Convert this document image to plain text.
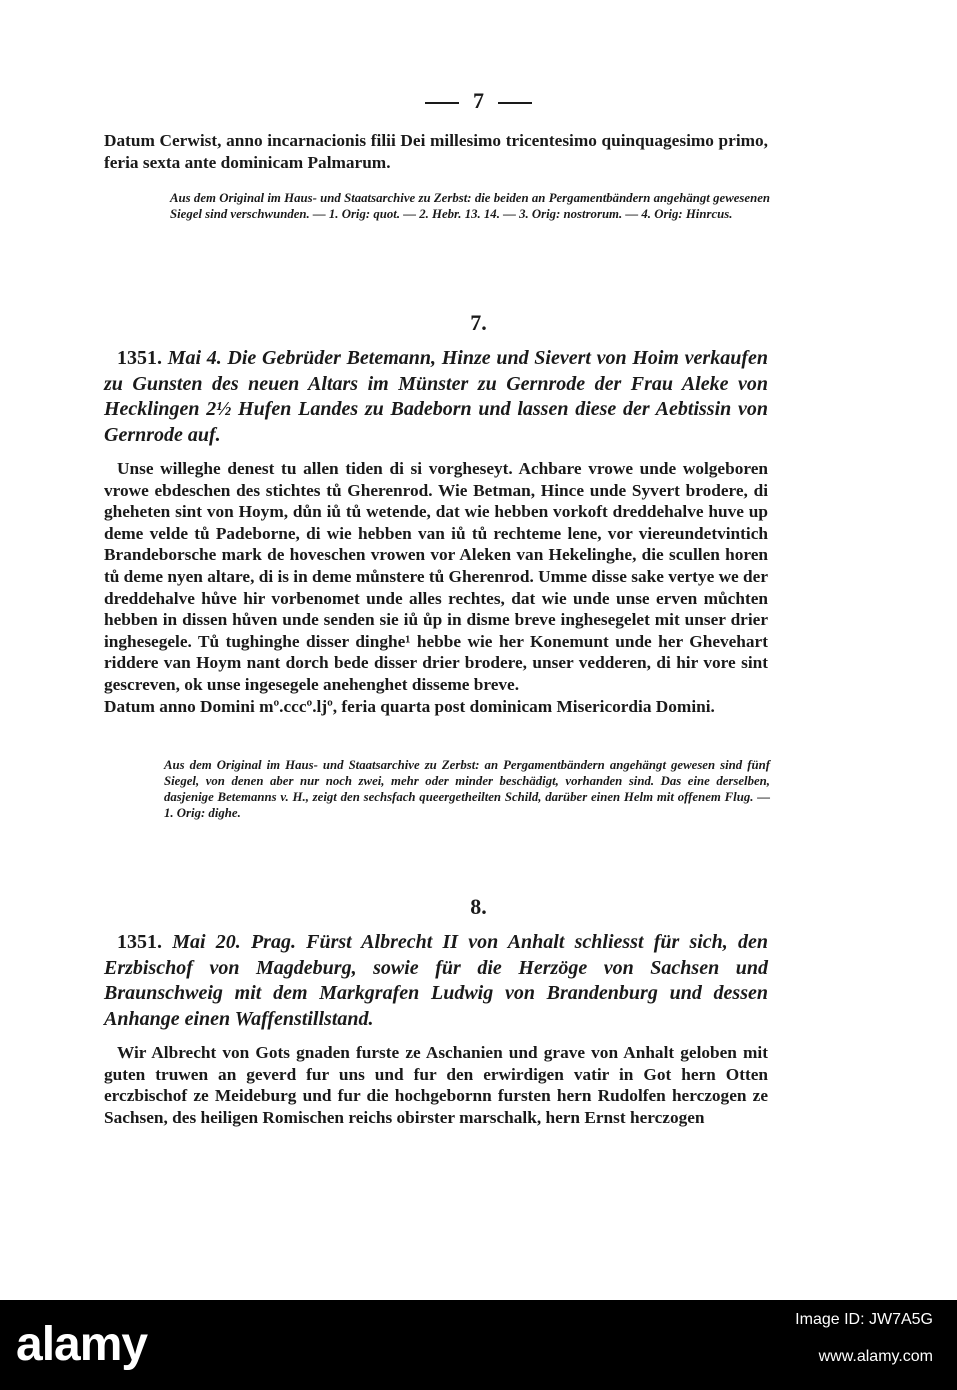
7

Datum Cerwist, anno incarnacionis filii Dei millesimo tricentesimo quinquagesimo primo, feria sexta ante dominicam Palmarum.

Aus dem Original im Haus- und Staatsarchive zu Zerbst: die beiden an Pergamentbändern angehängt gewesenen Siegel sind verschwunden. — 1. Orig: quot. — 2. Hebr. 13. 14. — 3. Orig: nostrorum. — 4. Orig: Hinrcus.

7.

1351. Mai 4. Die Gebrüder Betemann, Hinze und Sievert von Hoim verkaufen zu Gunsten des neuen Altars im Münster zu Gernrode der Frau Aleke von Hecklingen 2½ Hufen Landes zu Badeborn und lassen diese der Aebtissin von Gernrode auf.

Unse willeghe denest tu allen tiden di si vorgheseyt. Achbare vrowe unde wolgeboren vrowe ebdeschen des stichtes tů Gherenrod. Wie Betman, Hince unde Syvert brodere, di gheheten sint von Hoym, důn iů tů wetende, dat wie hebben vorkoft dreddehalve huve up deme velde tů Padeborne, di wie hebben van iů tů rechteme lene, vor viereundetvintich Brandeborsche mark de hoveschen vrowen vor Aleken van Hekelinghe, die scullen horen tů deme nyen altare, di is in deme můnstere tů Gherenrod. Umme disse sake vertye we der dreddehalve hůve hir vorbenomet unde alles rechtes, dat wie unde unse erven můchten hebben in dissen hůven unde senden sie iů ůp in disme breve inghesegelet mit unser drier inghesegele. Tů tughinghe disser dinghe¹ hebbe wie her Konemunt unde her Ghevehart riddere van Hoym nant dorch bede disser drier brodere, unser vedderen, di hir vore sint gescreven, ok unse ingesegele anehenghet disseme breve.

Datum anno Domini mº.cccº.ljº, feria quarta post dominicam Misericordia Domini.

Aus dem Original im Haus- und Staatsarchive zu Zerbst: an Pergamentbändern angehängt gewesen sind fünf Siegel, von denen aber nur noch zwei, mehr oder minder beschädigt, vorhanden sind. Das eine derselben, dasjenige Betemanns v. H., zeigt den sechsfach queergetheilten Schild, darüber einen Helm mit offenem Flug. — 1. Orig: dighe.

8.

1351. Mai 20. Prag. Fürst Albrecht II von Anhalt schliesst für sich, den Erzbischof von Magdeburg, sowie für die Herzöge von Sachsen und Braunschweig mit dem Markgrafen Ludwig von Brandenburg und dessen Anhange einen Waffenstillstand.

Wir Albrecht von Gots gnaden furste ze Aschanien und grave von Anhalt geloben mit guten truwen an geverd fur uns und fur den erwirdigen vatir in Got hern Otten erczbischof ze Meideburg und fur die hochgebornn fursten hern Rudolfen herczogen ze Sachsen, des heiligen Romischen reichs obirster marschalk, hern Ernst herczogen

alamy	Image ID: JW7A5G
www.alamy.com
